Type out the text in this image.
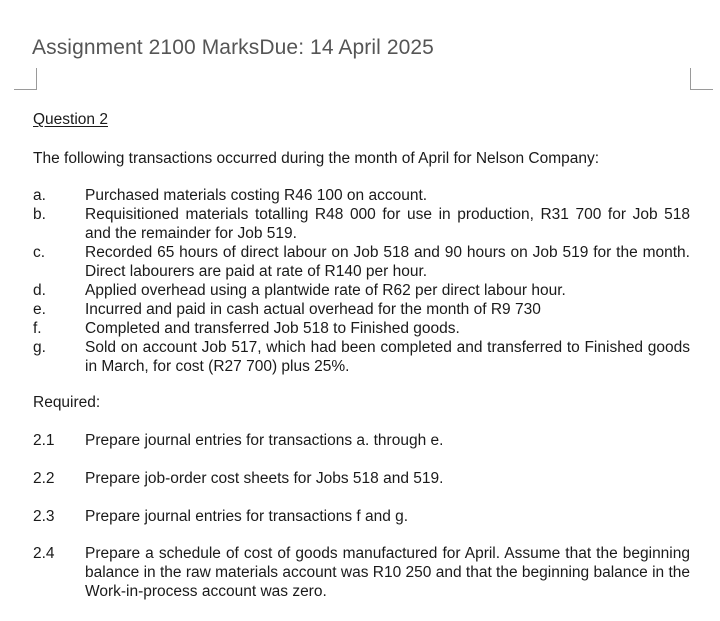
Assignment 2100 MarksDue: 14 April 2025
Question 2
The following transactions occurred during the month of April for Nelson Company:
a.	Purchased materials costing R46 100 on account.
b.	Requisitioned materials totalling R48 000 for use in production, R31 700 for Job 518 and the remainder for Job 519.
c.	Recorded 65 hours of direct labour on Job 518 and 90 hours on Job 519 for the month. Direct labourers are paid at rate of R140 per hour.
d.	Applied overhead using a plantwide rate of R62 per direct labour hour.
e.	Incurred and paid in cash actual overhead for the month of R9 730
f.	Completed and transferred Job 518 to Finished goods.
g.	Sold on account Job 517, which had been completed and transferred to Finished goods in March, for cost (R27 700) plus 25%.
Required:
2.1	Prepare journal entries for transactions a. through e.
2.2	Prepare job-order cost sheets for Jobs 518 and 519.
2.3	Prepare journal entries for transactions f and g.
2.4	Prepare a schedule of cost of goods manufactured for April. Assume that the beginning balance in the raw materials account was R10 250 and that the beginning balance in the Work-in-process account was zero.
